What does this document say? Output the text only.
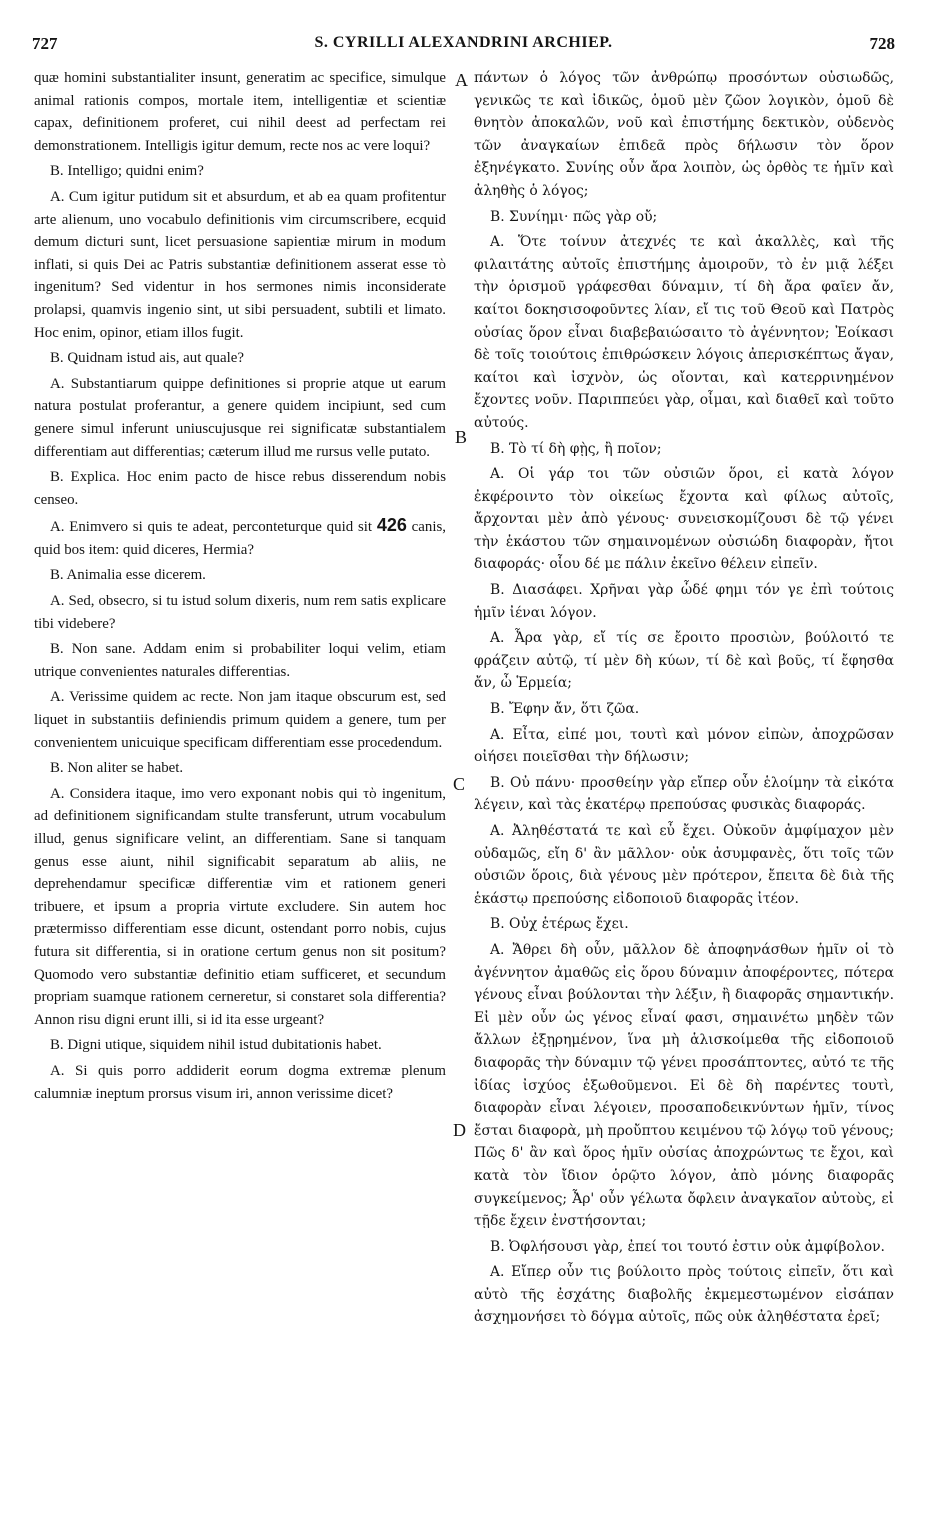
727	S. CYRILLI ALEXANDRINI ARCHIEP.	728
A
B
C
D

quæ homini substantialiter insunt, generatim ac specifice, simulque animal rationis compos, mortale item, intelligentiæ et scientiæ capax, definitionem proferet, cui nihil deest ad perfectam rei demonstrationem. Intelligis igitur demum, recte nos ac vere loqui?

B. Intelligo; quidni enim?

A. Cum igitur putidum sit et absurdum, et ab ea quam profitentur arte alienum, uno vocabulo definitionis vim circumscribere, ecquid demum dicturi sunt, licet persuasione sapientiæ mirum in modum inflati, si quis Dei ac Patris substantiæ definitionem asserat esse τὸ ingenitum? Sed videntur in hos sermones nimis inconsiderate prolapsi, quamvis ingenio sint, ut sibi persuadent, subtili et limato. Hoc enim, opinor, etiam illos fugit.

B. Quidnam istud ais, aut quale?

A. Substantiarum quippe definitiones si proprie atque ut earum natura postulat proferantur, a genere quidem incipiunt, sed cum genere simul inferunt uniuscujusque rei significatæ substantialem differentiam aut differentias; cæterum illud me rursus velle putato.

B. Explica. Hoc enim pacto de hisce rebus disserendum nobis censeo.

A. Enimvero si quis te adeat, perconteturque quid sit 426 canis, quid bos item: quid diceres, Hermia?

B. Animalia esse dicerem.

A. Sed, obsecro, si tu istud solum dixeris, num rem satis explicare tibi videbere?

B. Non sane. Addam enim si probabiliter loqui velim, etiam utrique convenientes naturales differentias.

A. Verissime quidem ac recte. Non jam itaque obscurum est, sed liquet in substantiis definiendis primum quidem a genere, tum per convenientem unicuique specificam differentiam esse procedendum.

B. Non aliter se habet.

A. Considera itaque, imo vero exponant nobis qui τὸ ingenitum, ad definitionem significandam stulte transferunt, utrum vocabulum illud, genus significare velint, an differentiam. Sane si tanquam genus esse aiunt, nihil significabit separatum ab aliis, ne deprehendamur specificæ differentiæ vim et rationem generi tribuere, et ipsum a propria virtute excludere. Sin autem hoc prætermisso differentiam esse dicunt, ostendant porro nobis, cujus futura sit differentia, si in oratione certum genus non sit positum? Quomodo vero substantiæ definitio etiam sufficeret, et secundum propriam suamque rationem cerneretur, si constaret sola differentia? Annon risu digni erunt illi, si id ita esse urgeant?

B. Digni utique, siquidem nihil istud dubitationis habet.

A. Si quis porro addiderit eorum dogma extremæ plenum calumniæ ineptum prorsus visum iri, annon verissime dicet?

πάντων ὁ λόγος τῶν ἀνθρώπῳ προσόντων οὐσιωδῶς, γενικῶς τε καὶ ἰδικῶς, ὁμοῦ μὲν ζῶον λογικὸν, ὁμοῦ δὲ θνητὸν ἀποκαλῶν, νοῦ καὶ ἐπιστήμης δεκτικὸν, οὐδενὸς τῶν ἀναγκαίων ἐπιδεᾶ πρὸς δήλωσιν τὸν ὅρον ἐξηνέγκατο. Συνίης οὖν ἄρα λοιπὸν, ὡς ὀρθὸς τε ἡμῖν καὶ ἀληθὴς ὁ λόγος;

Β. Συνίημι· πῶς γὰρ οὔ;

Α. Ὅτε τοίνυν ἀτεχνές τε καὶ ἀκαλλὲς, καὶ τῆς φιλαιτάτης αὐτοῖς ἐπιστήμης ἀμοιροῦν, τὸ ἐν μιᾷ λέξει τὴν ὁρισμοῦ γράφεσθαι δύναμιν, τί δὴ ἄρα φαῖεν ἄν, καίτοι δοκησισοφοῦντες λίαν, εἴ τις τοῦ Θεοῦ καὶ Πατρὸς οὐσίας ὅρον εἶναι διαβεβαιώσαιτο τὸ ἀγέννητον; Ἐοίκασι δὲ τοῖς τοιούτοις ἐπιθρώσκειν λόγοις ἀπερισκέπτως ἄγαν, καίτοι καὶ ἰσχνὸν, ὡς οἴονται, καὶ κατερρινημένον ἔχοντες νοῦν. Παριππεύει γὰρ, οἶμαι, καὶ διαθεῖ καὶ τοῦτο αὐτούς.

Β. Τὸ τί δὴ φῂς, ἢ ποῖον;

Α. Οἱ γάρ τοι τῶν οὐσιῶν ὅροι, εἰ κατὰ λόγον ἐκφέροιντο τὸν οἰκείως ἔχοντα καὶ φίλως αὐτοῖς, ἄρχονται μὲν ἀπὸ γένους· συνεισκομίζουσι δὲ τῷ γένει τὴν ἑκάστου τῶν σημαινομένων οὐσιώδη διαφορὰν, ἤτοι διαφοράς· οἷου δέ με πάλιν ἐκεῖνο θέλειν εἰπεῖν.

Β. Διασάφει. Χρῆναι γὰρ ὧδέ φημι τόν γε ἐπὶ τούτοις ἡμῖν ἰέναι λόγον.

Α. Ἆρα γὰρ, εἴ τίς σε ἔροιτο προσιὼν, βούλοιτό τε φράζειν αὐτῷ, τί μὲν δὴ κύων, τί δὲ καὶ βοῦς, τί ἔφησθα ἄν, ὦ Ἑρμεία;

Β. Ἔφην ἄν, ὅτι ζῶα.

Α. Εἶτα, εἰπέ μοι, τουτὶ καὶ μόνον εἰπὼν, ἀποχρῶσαν οἰήσει ποιεῖσθαι τὴν δήλωσιν;

Β. Οὐ πάνυ· προσθείην γὰρ εἴπερ οὖν ἑλοίμην τὰ εἰκότα λέγειν, καὶ τὰς ἑκατέρῳ πρεπούσας φυσικὰς διαφοράς.

Α. Ἀληθέστατά τε καὶ εὖ ἔχει. Οὐκοῦν ἀμφίμαχον μὲν οὐδαμῶς, εἴη δ' ἂν μᾶλλον· οὐκ ἀσυμφανὲς, ὅτι τοῖς τῶν οὐσιῶν ὅροις, διὰ γένους μὲν πρότερον, ἔπειτα δὲ διὰ τῆς ἑκάστῳ πρεπούσης εἰδοποιοῦ διαφορᾶς ἰτέον.

Β. Οὐχ ἑτέρως ἔχει.

Α. Ἄθρει δὴ οὖν, μᾶλλον δὲ ἀποφηνάσθων ἡμῖν οἱ τὸ ἀγέννητον ἀμαθῶς εἰς ὅρου δύναμιν ἀποφέροντες, πότερα γένους εἶναι βούλονται τὴν λέξιν, ἢ διαφορᾶς σημαντικήν. Εἰ μὲν οὖν ὡς γένος εἶναί φασι, σημαινέτω μηδὲν τῶν ἄλλων ἐξῃρημένον, ἵνα μὴ ἁλισκοίμεθα τῆς εἰδοποιοῦ διαφορᾶς τὴν δύναμιν τῷ γένει προσάπτοντες, αὐτό τε τῆς ἰδίας ἰσχύος ἐξωθοῦμενοι. Εἰ δὲ δὴ παρέντες τουτὶ, διαφορὰν εἶναι λέγοιεν, προσαποδεικνύντων ἡμῖν, τίνος ἔσται διαφορὰ, μὴ προὔπτου κειμένου τῷ λόγῳ τοῦ γένους; Πῶς δ' ἂν καὶ ὅρος ἡμῖν οὐσίας ἀποχρώντως τε ἔχοι, καὶ κατὰ τὸν ἴδιον ὁρῷτο λόγον, ἀπὸ μόνης διαφορᾶς συγκείμενος; Ἆρ' οὖν γέλωτα ὄφλειν ἀναγκαῖον αὐτοὺς, εἰ τῇδε ἔχειν ἐνστήσονται;

Β. Ὀφλήσουσι γὰρ, ἐπεί τοι τουτό ἐστιν οὐκ ἀμφίβολον.

Α. Εἴπερ οὖν τις βούλοιτο πρὸς τούτοις εἰπεῖν, ὅτι καὶ αὐτὸ τῆς ἐσχάτης διαβολῆς ἐκμεμεστωμένον εἰσάπαν ἀσχημονήσει τὸ δόγμα αὐτοῖς, πῶς οὐκ ἀληθέστατα ἐρεῖ;
